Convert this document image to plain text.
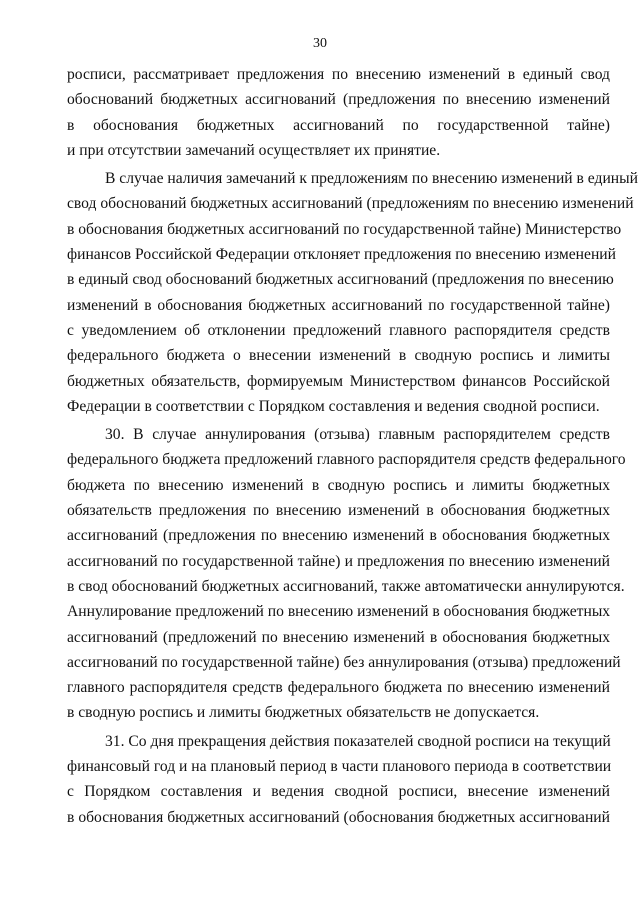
30
росписи, рассматривает предложения по внесению изменений в единый свод
обоснований бюджетных ассигнований (предложения по внесению изменений
в обоснования бюджетных ассигнований по государственной тайне)
и при отсутствии замечаний осуществляет их принятие.
В случае наличия замечаний к предложениям по внесению изменений в единый
свод обоснований бюджетных ассигнований (предложениям по внесению изменений
в обоснования бюджетных ассигнований по государственной тайне) Министерство
финансов Российской Федерации отклоняет предложения по внесению изменений
в единый свод обоснований бюджетных ассигнований (предложения по внесению
изменений в обоснования бюджетных ассигнований по государственной тайне)
с уведомлением об отклонении предложений главного распорядителя средств
федерального бюджета о внесении изменений в сводную роспись и лимиты
бюджетных обязательств, формируемым Министерством финансов Российской
Федерации в соответствии с Порядком составления и ведения сводной росписи.
30. В случае аннулирования (отзыва) главным распорядителем средств
федерального бюджета предложений главного распорядителя средств федерального
бюджета по внесению изменений в сводную роспись и лимиты бюджетных
обязательств предложения по внесению изменений в обоснования бюджетных
ассигнований (предложения по внесению изменений в обоснования бюджетных
ассигнований по государственной тайне) и предложения по внесению изменений
в свод обоснований бюджетных ассигнований, также автоматически аннулируются.
Аннулирование предложений по внесению изменений в обоснования бюджетных
ассигнований (предложений по внесению изменений в обоснования бюджетных
ассигнований по государственной тайне) без аннулирования (отзыва) предложений
главного распорядителя средств федерального бюджета по внесению изменений
в сводную роспись и лимиты бюджетных обязательств не допускается.
31. Со дня прекращения действия показателей сводной росписи на текущий
финансовый год и на плановый период в части планового периода в соответствии
с Порядком составления и ведения сводной росписи, внесение изменений
в обоснования бюджетных ассигнований (обоснования бюджетных ассигнований
